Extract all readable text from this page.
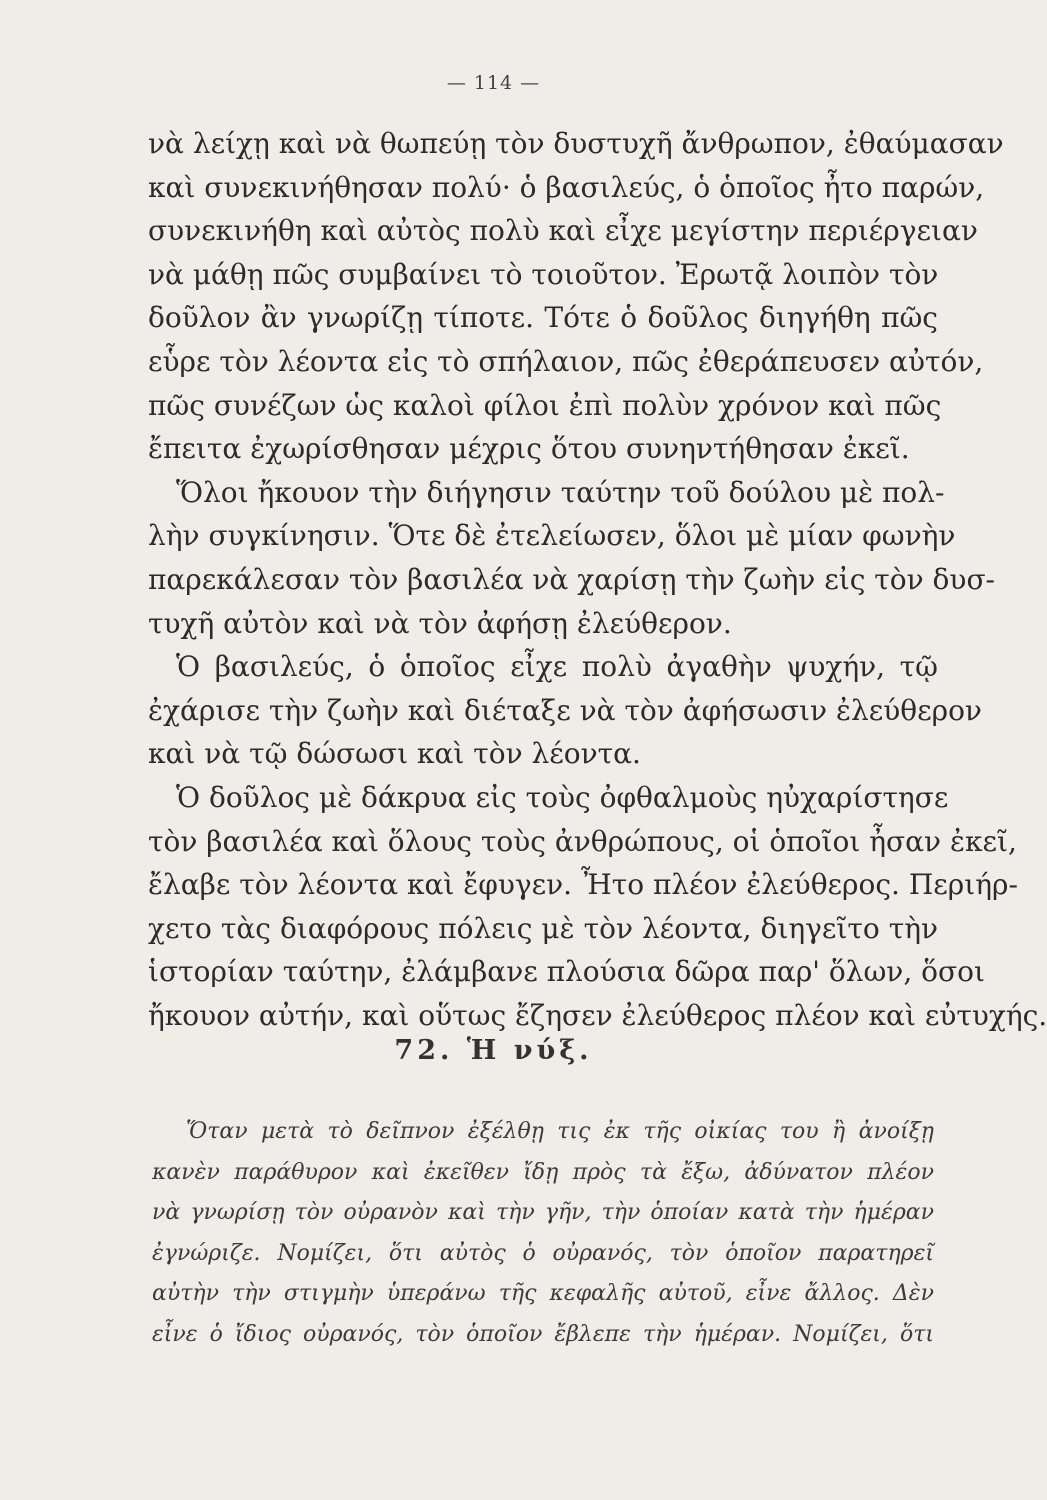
— 114 —
νὰ λείχῃ καὶ νὰ θωπεύῃ τὸν δυστυχῆ ἄνθρωπον, ἐθαύμασαν
καὶ συνεκινήθησαν πολύ· ὁ βασιλεύς, ὁ ὁποῖος ἦτο παρών,
συνεκινήθη καὶ αὐτὸς πολὺ καὶ εἶχε μεγίστην περιέργειαν
νὰ μάθῃ πῶς συμβαίνει τὸ τοιοῦτον. Ἐρωτᾷ λοιπὸν τὸν
δοῦλον ἂν γνωρίζῃ τίποτε. Τότε ὁ δοῦλος διηγήθη πῶς
εὗρε τὸν λέοντα εἰς τὸ σπήλαιον, πῶς ἐθεράπευσεν αὐτόν,
πῶς συνέζων ὡς καλοὶ φίλοι ἐπὶ πολὺν χρόνον καὶ πῶς
ἔπειτα ἐχωρίσθησαν μέχρις ὅτου συνηντήθησαν ἐκεῖ.
Ὅλοι ἤκουον τὴν διήγησιν ταύτην τοῦ δούλου μὲ πολ-
λὴν συγκίνησιν. Ὅτε δὲ ἐτελείωσεν, ὅλοι μὲ μίαν φωνὴν
παρεκάλεσαν τὸν βασιλέα νὰ χαρίσῃ τὴν ζωὴν εἰς τὸν δυσ-
τυχῆ αὐτὸν καὶ νὰ τὸν ἀφήσῃ ἐλεύθερον.
Ὁ βασιλεύς, ὁ ὁποῖος εἶχε πολὺ ἀγαθὴν ψυχήν, τῷ
ἐχάρισε τὴν ζωὴν καὶ διέταξε νὰ τὸν ἀφήσωσιν ἐλεύθερον
καὶ νὰ τῷ δώσωσι καὶ τὸν λέοντα.
Ὁ δοῦλος μὲ δάκρυα εἰς τοὺς ὀφθαλμοὺς ηὐχαρίστησε
τὸν βασιλέα καὶ ὅλους τοὺς ἀνθρώπους, οἱ ὁποῖοι ἦσαν ἐκεῖ,
ἔλαβε τὸν λέοντα καὶ ἔφυγεν. Ἦτο πλέον ἐλεύθερος. Περιήρ-
χετο τὰς διαφόρους πόλεις μὲ τὸν λέοντα, διηγεῖτο τὴν
ἱστορίαν ταύτην, ἐλάμβανε πλούσια δῶρα παρ' ὅλων, ὅσοι
ἤκουον αὐτήν, καὶ οὕτως ἔζησεν ἐλεύθερος πλέον καὶ εὐτυχής.
72. Ἡ νύξ.
Ὅταν μετὰ τὸ δεῖπνον ἐξέλθῃ τις ἐκ τῆς οἰκίας του ἢ ἀνοίξῃ
κανὲν παράθυρον καὶ ἐκεῖθεν ἴδῃ πρὸς τὰ ἔξω, ἀδύνατον πλέον
νὰ γνωρίσῃ τὸν οὐρανὸν καὶ τὴν γῆν, τὴν ὁποίαν κατὰ τὴν ἡμέραν
ἐγνώριζε. Νομίζει, ὅτι αὐτὸς ὁ οὐρανός, τὸν ὁποῖον παρατηρεῖ
αὐτὴν τὴν στιγμὴν ὑπεράνω τῆς κεφαλῆς αὐτοῦ, εἶνε ἄλλος. Δὲν
εἶνε ὁ ἴδιος οὐρανός, τὸν ὁποῖον ἔβλεπε τὴν ἡμέραν. Νομίζει, ὅτι
